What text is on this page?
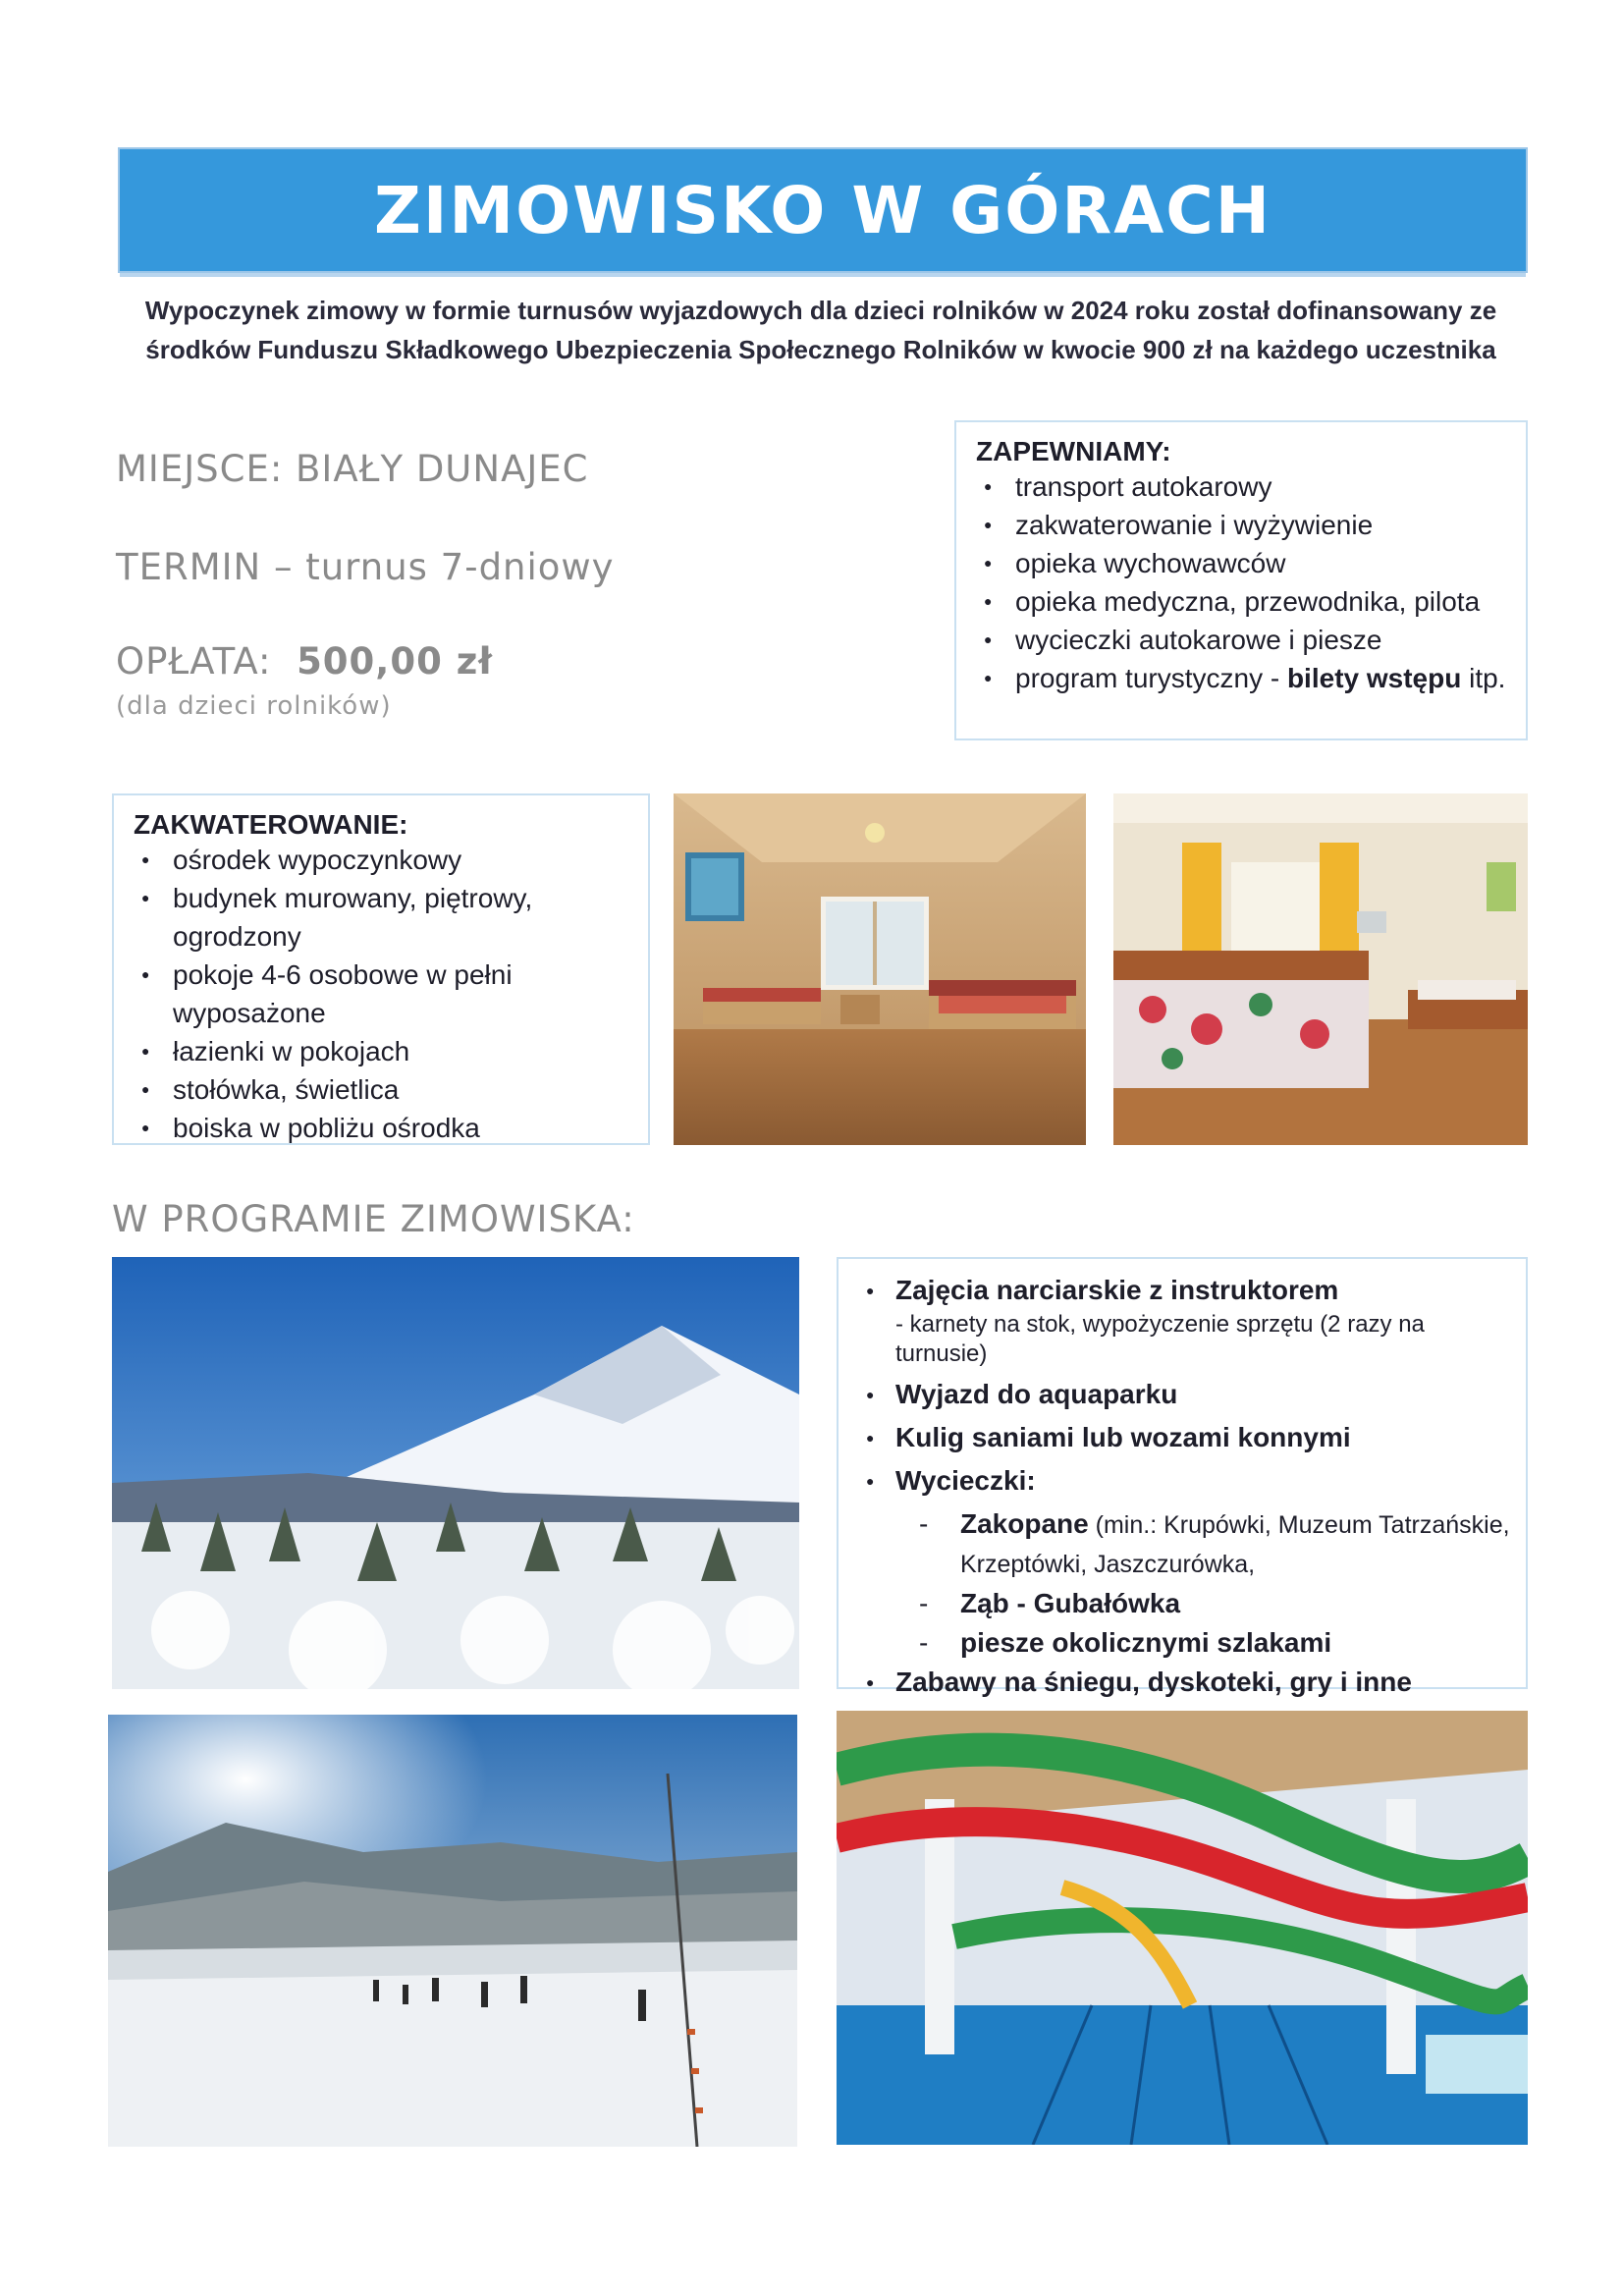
ZIMOWISKO W GÓRACH
Wypoczynek zimowy w formie turnusów wyjazdowych dla dzieci rolników w 2024 roku został dofinansowany ze
środków Funduszu Składkowego Ubezpieczenia Społecznego Rolników w kwocie 900 zł na każdego uczestnika
MIEJSCE: BIAŁY DUNAJEC
TERMIN – turnus 7-dniowy
OPŁATA: 500,00 zł
(dla dzieci rolników)
ZAPEWNIAMY:
● transport autokarowy
● zakwaterowanie i wyżywienie
● opieka wychowawców
● opieka medyczna, przewodnika, pilota
● wycieczki autokarowe i piesze
● program turystyczny - bilety wstępu itp.
ZAKWATEROWANIE:
● ośrodek wypoczynkowy
● budynek murowany, piętrowy, ogrodzony
● pokoje 4-6 osobowe w pełni wyposażone
● łazienki w pokojach
● stołówka, świetlica
● boiska w pobliżu ośrodka
W PROGRAMIE ZIMOWISKA:
● Zajęcia narciarskie z instruktorem
- karnety na stok, wypożyczenie sprzętu (2 razy na turnusie)
● Wyjazd do aquaparku
● Kulig saniami lub wozami konnymi
● Wycieczki:
- Zakopane (min.: Krupówki, Muzeum Tatrzańskie,
Krzeptówki, Jaszczurówka,
- Ząb - Gubałówka
- piesze okolicznymi szlakami
● Zabawy na śniegu, dyskoteki, gry i inne
